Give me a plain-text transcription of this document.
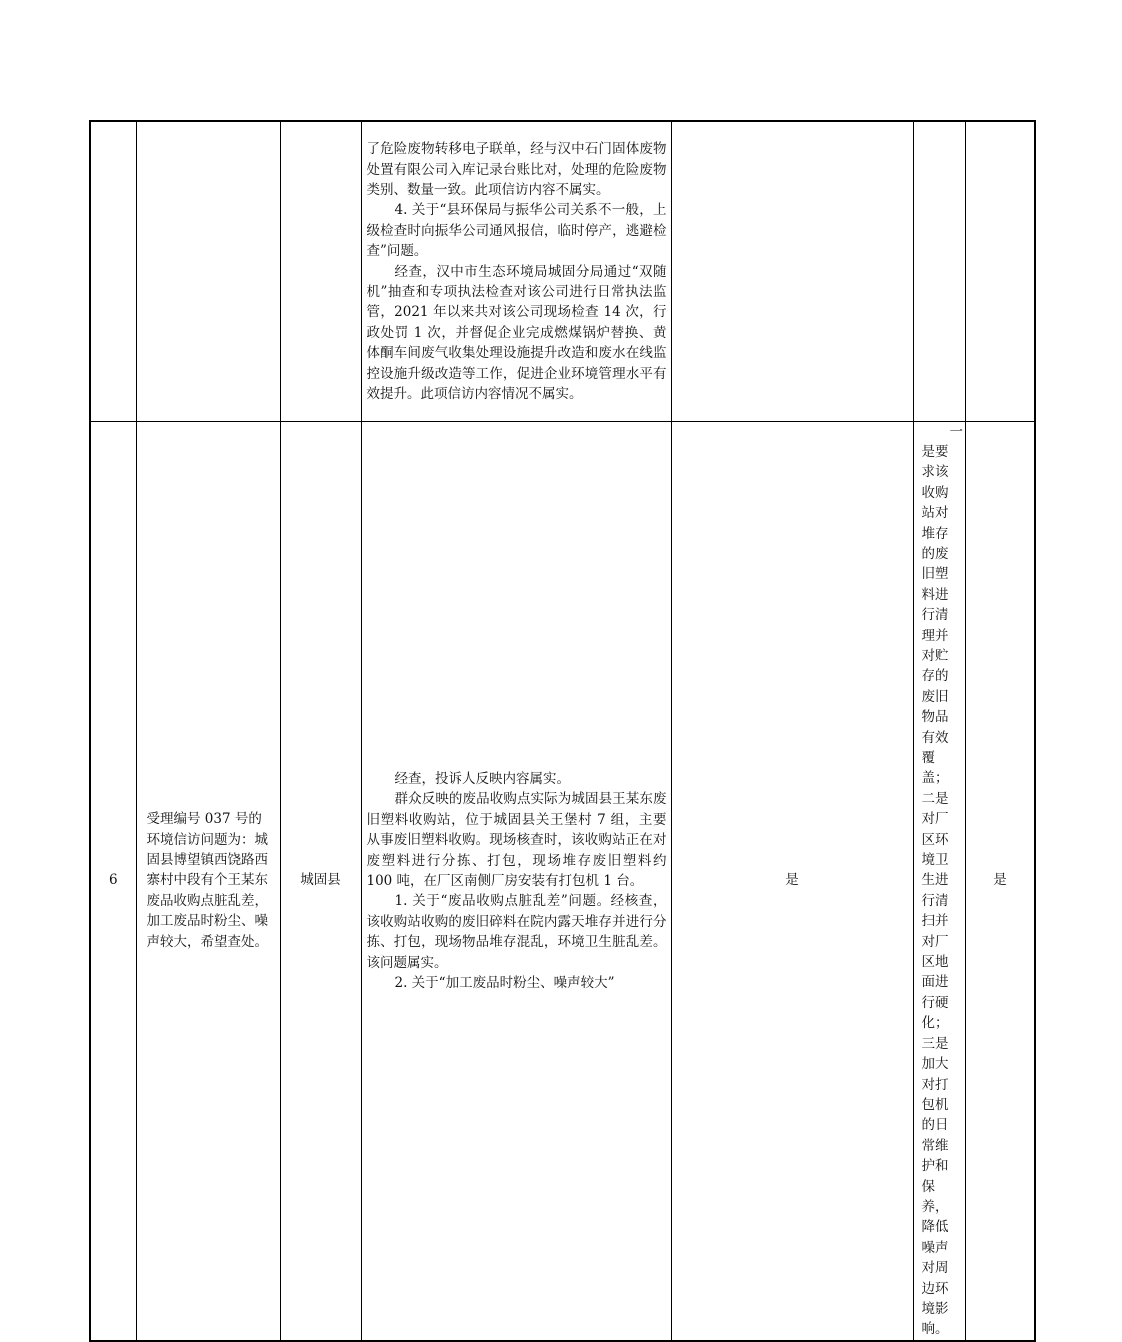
			了危险废物转移电子联单，经与汉中石门固体废物处置有限公司入库记录台账比对，处理的危险废物类别、数量一致。此项信访内容不属实。

4. 关于“县环保局与振华公司关系不一般，上级检查时向振华公司通风报信，临时停产，逃避检查”问题。

经查，汉中市生态环境局城固分局通过“双随机”抽查和专项执法检查对该公司进行日常执法监管，2021 年以来共对该公司现场检查 14 次，行政处罚 1 次，并督促企业完成燃煤锅炉替换、黄体酮车间废气收集处理设施提升改造和废水在线监控设施升级改造等工作，促进企业环境管理水平有效提升。此项信访内容情况不属实。				

6	受理编号 037 号的环境信访问题为：城固县博望镇西饶路西寨村中段有个王某东废品收购点脏乱差，加工废品时粉尘、噪声较大，希望查处。	城固县	经查，投诉人反映内容属实。

群众反映的废品收购点实际为城固县王某东废旧塑料收购站，位于城固县关王堡村 7 组，主要从事废旧塑料收购。现场核查时，该收购站正在对废塑料进行分拣、打包，现场堆存废旧塑料约 100 吨，在厂区南侧厂房安装有打包机 1 台。

1. 关于“废品收购点脏乱差”问题。经核查，该收购站收购的废旧碎料在院内露天堆存并进行分拣、打包，现场物品堆存混乱，环境卫生脏乱差。该问题属实。

2. 关于“加工废品时粉尘、噪声较大”	是	一是要求该收购站对堆存的废旧塑料进行清理并对贮存的废旧物品有效覆盖；二是对厂区环境卫生进行清扫并对厂区地面进行硬化；三是加大对打包机的日常维护和保养，降低噪声对周边环境影响。	是	
